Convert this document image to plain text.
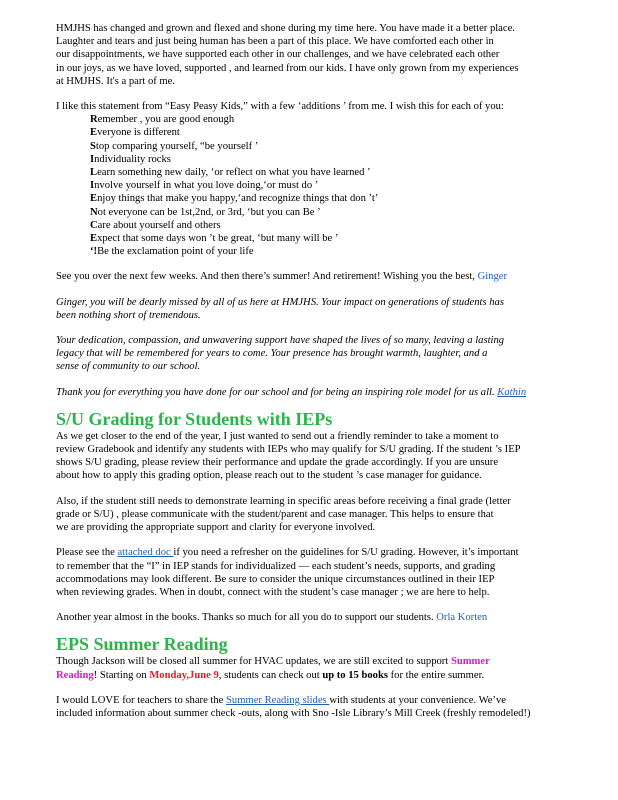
HMJHS has changed and grown and flexed and shone during my time here. You have made it a better place.

Laughter and tears and just being human has been a part of this place. We have comforted each other in

our disappointments, we have supported each other in our challenges, and we have celebrated each other

in our joys, as we have loved, supported , and learned from our kids. I have only grown from my experiences

at HMJHS. It's a part of me.

I like this statement from “Easy Peasy Kids,” with a few ‘additions ’ from me. I wish this for each of you:

Remember , you are good enough

Everyone is different

Stop comparing yourself, “be yourself ’

Individuality rocks

Learn something new daily, ‘or reflect on what you have learned ’

Involve yourself in what you love doing,‘or must do ’

Enjoy things that make you happy,‘and recognize things that don ’t’

Not everyone can be 1st,2nd, or 3rd, ‘but you can Be ’

Care about yourself and others

Expect that some days won ’t be great, ‘but many will be ’

‘!Be the exclamation point of your life

See you over the next few weeks. And then there’s summer! And retirement! Wishing you the best, Ginger

Ginger, you will be dearly missed by all of us here at HMJHS. Your impact on generations of students has

been nothing short of tremendous.

Your dedication, compassion, and unwavering support have shaped the lives of so many, leaving a lasting

legacy that will be remembered for years to come. Your presence has brought warmth, laughter, and a

sense of community to our school.

Thank you for everything you have done for our school and for being an inspiring role model for us all. Kathin

S/U Grading for Students with IEPs

As we get closer to the end of the year, I just wanted to send out a friendly reminder to take a moment to

review Gradebook and identify any students with IEPs who may qualify for S/U grading. If the student ’s IEP

shows S/U grading, please review their performance and update the grade accordingly. If you are unsure

about how to apply this grading option, please reach out to the student ’s case manager for guidance.

Also, if the student still needs to demonstrate learning in specific areas before receiving a final grade (letter

grade or S/U) , please communicate with the student/parent and case manager. This helps to ensure that

we are providing the appropriate support and clarity for everyone involved.

Please see the attached doc if you need a refresher on the guidelines for S/U grading. However, it’s important

to remember that the “I” in IEP stands for individualized — each student’s needs, supports, and grading

accommodations may look different. Be sure to consider the unique circumstances outlined in their IEP

when reviewing grades. When in doubt, connect with the student’s case manager ; we are here to help.

Another year almost in the books. Thanks so much for all you do to support our students. Orla Korten

EPS Summer Reading

Though Jackson will be closed all summer for HVAC updates, we are still excited to support Summer

Reading! Starting on Monday,June 9, students can check out up to 15 books for the entire summer.

I would LOVE for teachers to share the Summer Reading slides with students at your convenience. We’ve

included information about summer check -outs, along with Sno -Isle Library’s Mill Creek (freshly remodeled!)
